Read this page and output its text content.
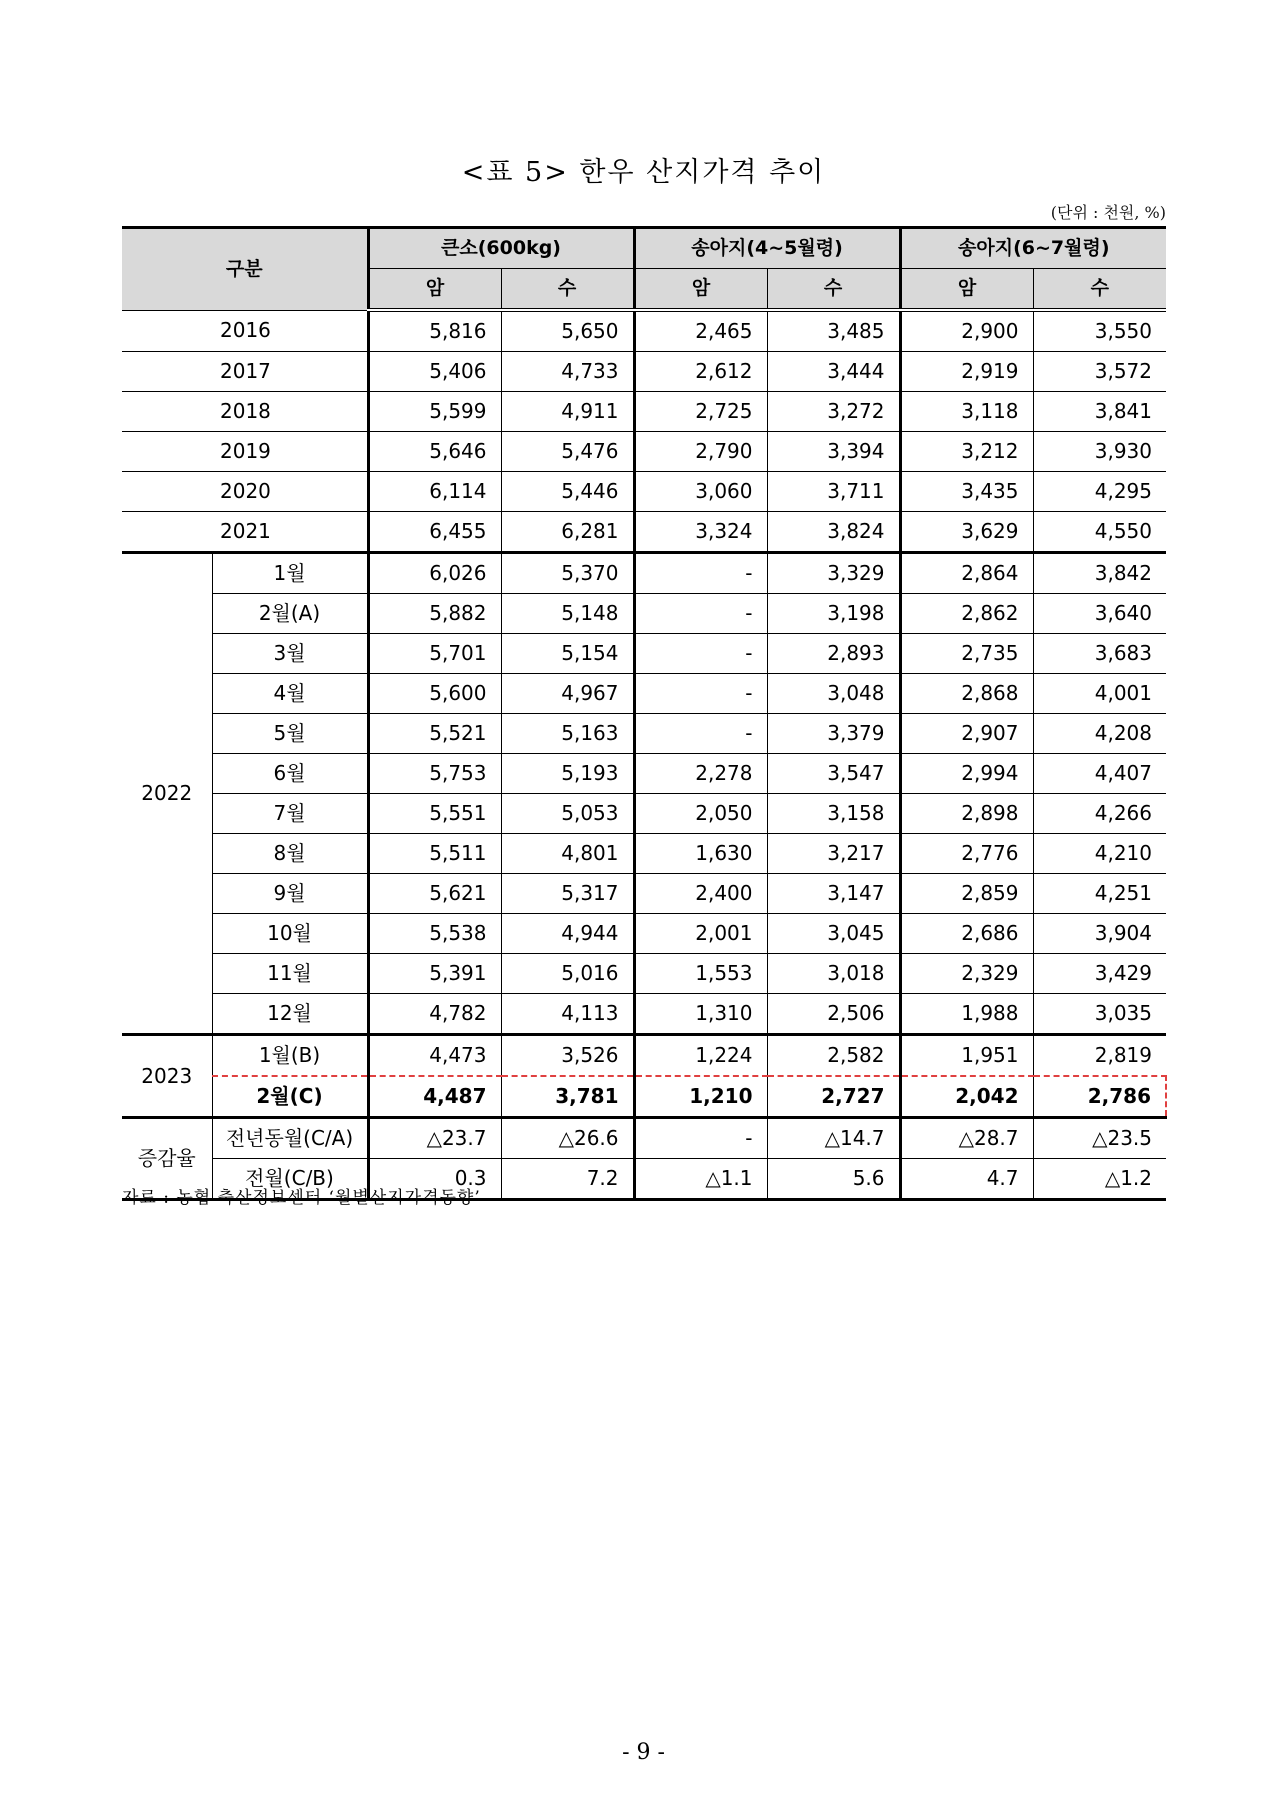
<표 5> 한우 산지가격 추이
(단위 : 천원, %)
구분		큰소(600kg)		송아지(4~5월령)		송아지(6~7월령)	
		암	수	암	수	암	수
2016		5,816	5,650	2,465	3,485	2,900	3,550
2017		5,406	4,733	2,612	3,444	2,919	3,572
2018		5,599	4,911	2,725	3,272	3,118	3,841
2019		5,646	5,476	2,790	3,394	3,212	3,930
2020		6,114	5,446	3,060	3,711	3,435	4,295
2021		6,455	6,281	3,324	3,824	3,629	4,550
2022	1월	6,026	5,370	-	3,329	2,864	3,842
	2월(A)	5,882	5,148	-	3,198	2,862	3,640
	3월	5,701	5,154	-	2,893	2,735	3,683
	4월	5,600	4,967	-	3,048	2,868	4,001
	5월	5,521	5,163	-	3,379	2,907	4,208
	6월	5,753	5,193	2,278	3,547	2,994	4,407
	7월	5,551	5,053	2,050	3,158	2,898	4,266
	8월	5,511	4,801	1,630	3,217	2,776	4,210
	9월	5,621	5,317	2,400	3,147	2,859	4,251
	10월	5,538	4,944	2,001	3,045	2,686	3,904
	11월	5,391	5,016	1,553	3,018	2,329	3,429
	12월	4,782	4,113	1,310	2,506	1,988	3,035
2023	1월(B)	4,473	3,526	1,224	2,582	1,951	2,819
	2월(C)	4,487	3,781	1,210	2,727	2,042	2,786
증감율	전년동월(C/A)	△23.7	△26.6	-	△14.7	△28.7	△23.5
	전월(C/B)	0.3	7.2	△1.1	5.6	4.7	△1.2
자료 : 농협 축산정보센터 ‘월별산지가격동향’
- 9 -
